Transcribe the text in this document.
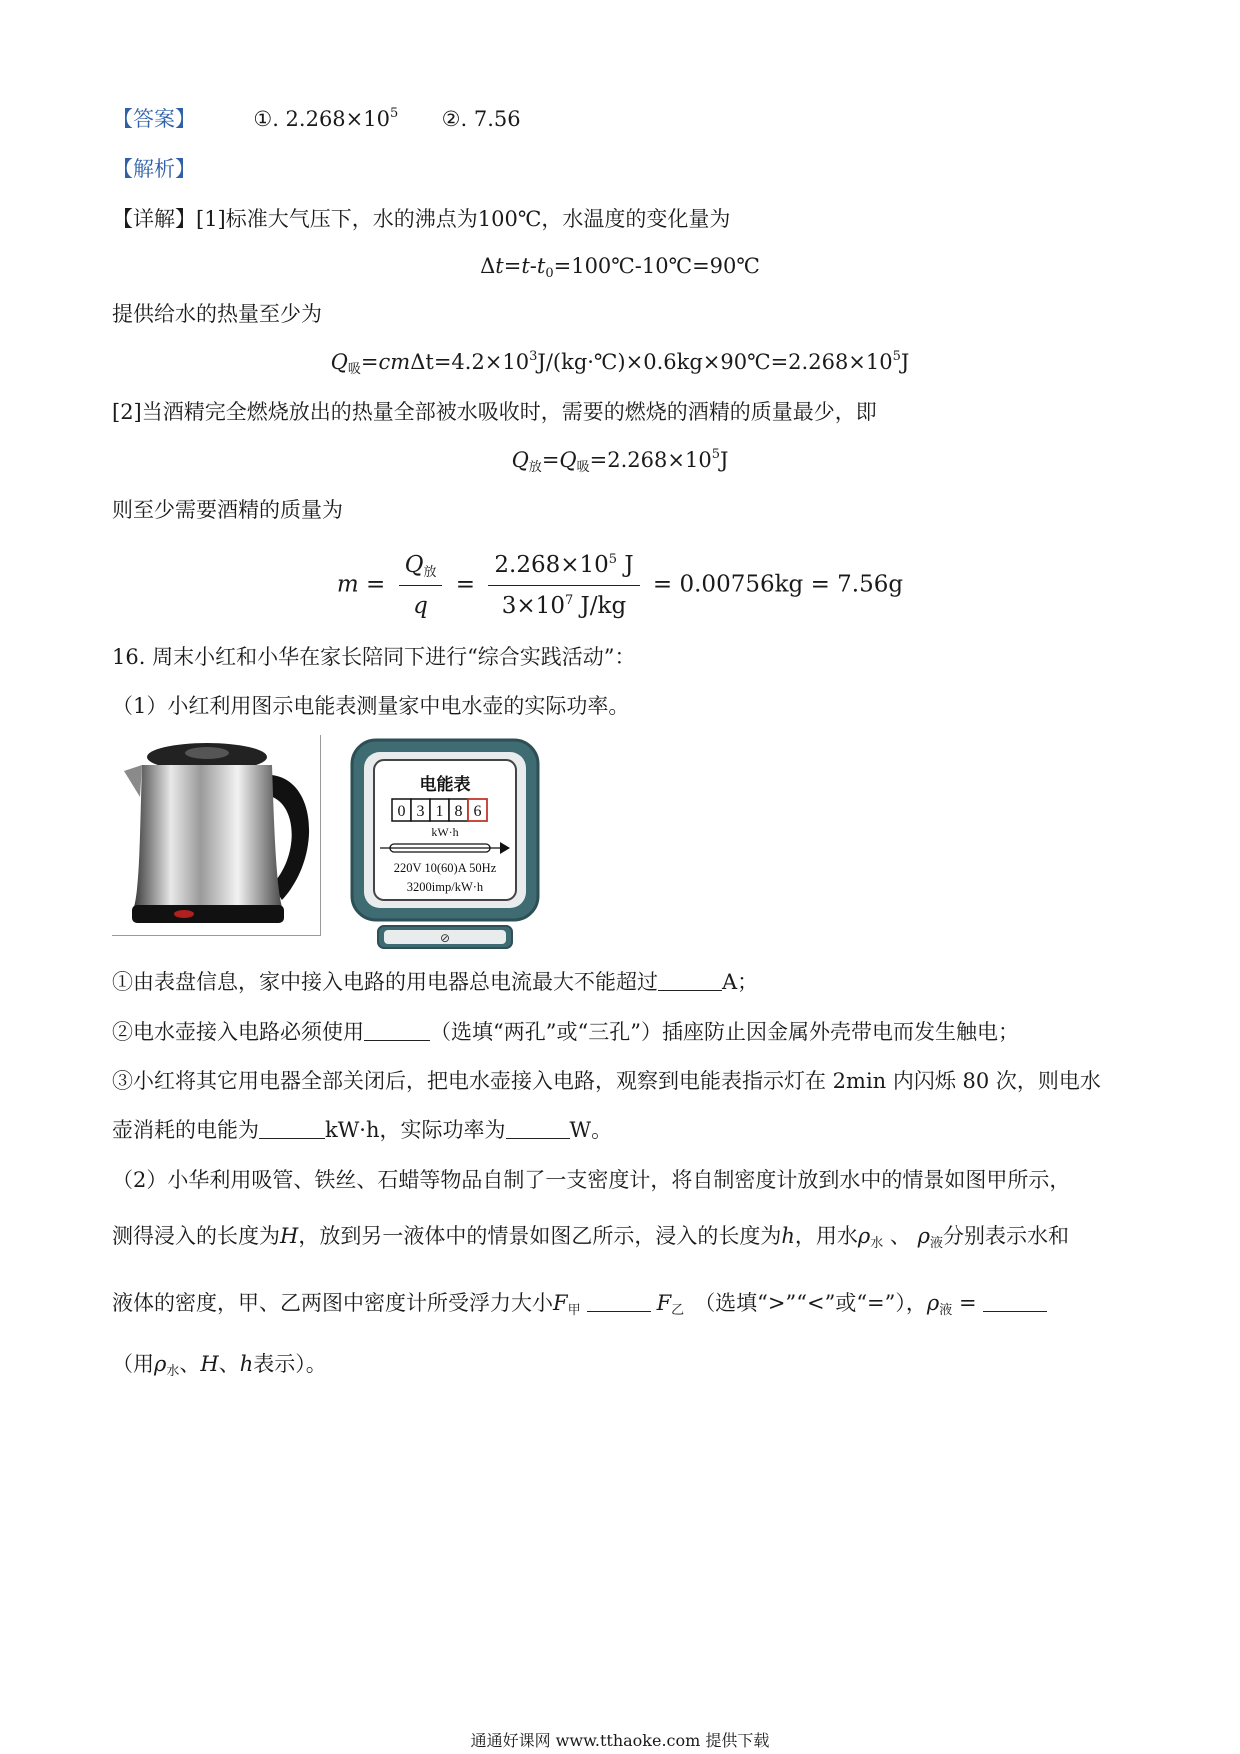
【答案】	①. $2.268\times 10^5$ ②. 7.56
【解析】
【详解】[1]标准大气压下，水的沸点为100℃，水温度的变化量为
$\Delta t=t-t_0=100℃-10℃=90℃$
提供给水的热量至少为
$Q_吸=cm\Delta t=4.2\times 10^3J/(kg\cdot℃)\times 0.6kg\times 90℃=2.268\times 10^5J$
[2]当酒精完全燃烧放出的热量全部被水吸收时，需要的燃烧的酒精的质量最少，即
$Q_放=Q_吸=2.268\times 10^5J$
则至少需要酒精的质量为
$m = \frac{Q_放}{q} = \frac{2.268\times 10^5 J}{3\times 10^7 J/kg} = 0.00756kg = 7.56g$
16. 周末小红和小华在家长陪同下进行“综合实践活动”：
（1）小红利用图示电能表测量家中电水壶的实际功率。
电能表
0 3 1 8 6
kW·h
220V 10(60)A 50Hz
3200imp/kW·h
⊘
①由表盘信息，家中接入电路的用电器总电流最大不能超过	A；
②电水壶接入电路必须使用	（选填“两孔”或“三孔”）插座防止因金属外壳带电而发生触电；
③小红将其它用电器全部关闭后，把电水壶接入电路，观察到电能表指示灯在 2min 内闪烁 80 次，则电水
壶消耗的电能为	kW·h，实际功率为	W。
（2）小华利用吸管、铁丝、石蜡等物品自制了一支密度计，将自制密度计放到水中的情景如图甲所示，
测得浸入的长度为H，放到另一液体中的情景如图乙所示，浸入的长度为h，用水$\rho_水$ 、 $\rho_液$分别表示水和
液体的密度，甲、乙两图中密度计所受浮力大小$F_甲$	$F_乙$ （选填“>”“<”或“=”），$\rho_液$ =
（用$\rho_水$、H、h表示）。
通通好课网 www.tthaoke.com 提供下载
